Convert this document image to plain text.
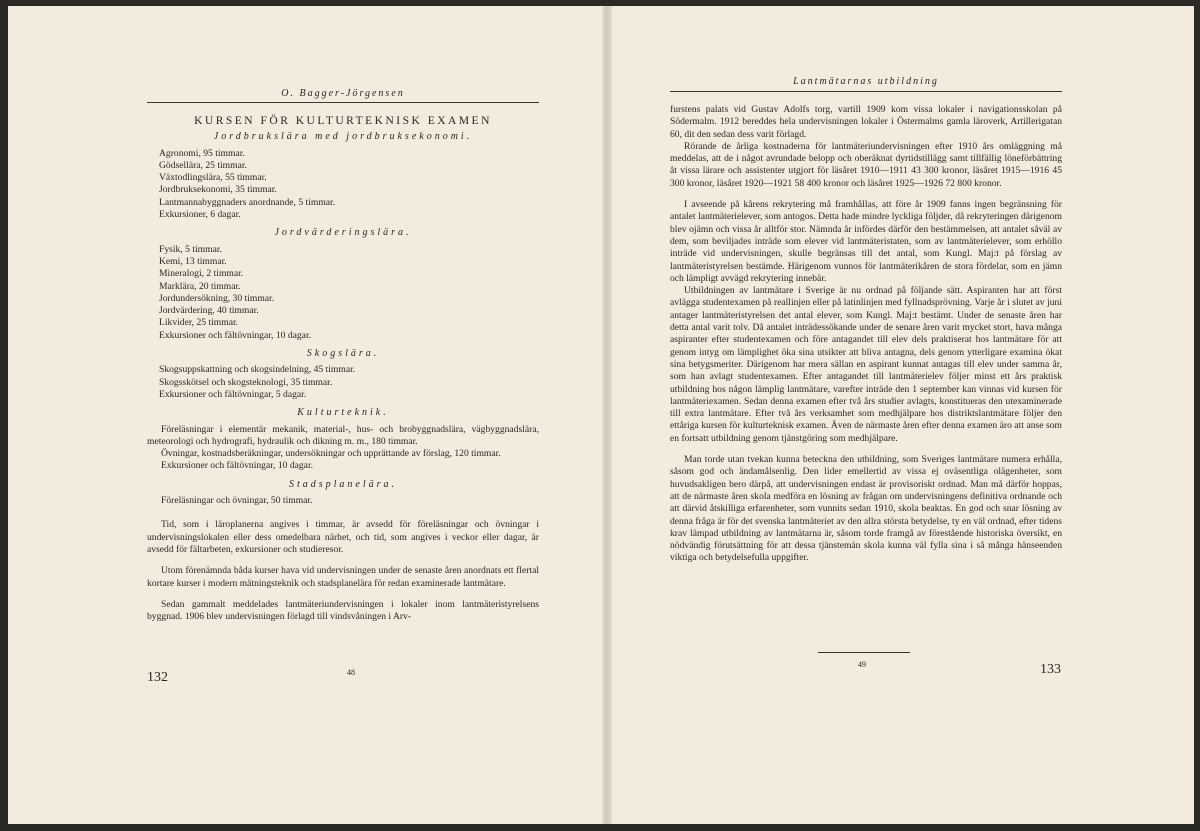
O. Bagger-Jörgensen
KURSEN FÖR KULTURTEKNISK EXAMEN
Jordbrukslära med jordbruksekonomi.
Agronomi, 95 timmar.
Gödsellära, 25 timmar.
Växtodlingslära, 55 timmar.
Jordbruksekonomi, 35 timmar.
Lantmannabyggnaders anordnande, 5 timmar.
Exkursioner, 6 dagar.
Jordvärderingslära.
Fysik, 5 timmar.
Kemi, 13 timmar.
Mineralogi, 2 timmar.
Marklära, 20 timmar.
Jordundersökning, 30 timmar.
Jordvärdering, 40 timmar.
Likvider, 25 timmar.
Exkursioner och fältövningar, 10 dagar.
Skogslära.
Skogsuppskattning och skogsindelning, 45 timmar.
Skogsskötsel och skogsteknologi, 35 timmar.
Exkursioner och fältövningar, 5 dagar.
Kulturteknik.

Föreläsningar i elementär mekanik, material-, hus- och brobyggnadslära, vägbyggnadslära, meteorologi och hydrografi, hydraulik och dikning m. m., 180 timmar.

Övningar, kostnadsberäkningar, undersökningar och upprättande av förslag, 120 timmar.

Exkursioner och fältövningar, 10 dagar.

Stadsplanelära.

Föreläsningar och övningar, 50 timmar.

Tid, som i läroplanerna angives i timmar, är avsedd för föreläsningar och övningar i undervisningslokalen eller dess omedelbara närhet, och tid, som angives i veckor eller dagar, är avsedd för fältarbeten, exkursioner och studieresor.

Utom förenämnda båda kurser hava vid undervisningen under de senaste åren anordnats ett flertal kortare kurser i modern mätningsteknik och stadsplanelära för redan examinerade lantmätare.

Sedan gammalt meddelades lantmäteriundervisningen i lokaler inom lantmäteristyrelsens byggnad. 1906 blev undervisningen förlagd till vindsvåningen i Arv-

132	48
Lantmätarnas utbildning

furstens palats vid Gustav Adolfs torg, vartill 1909 kom vissa lokaler i navigationsskolan på Södermalm. 1912 bereddes hela undervisningen lokaler i Östermalms gamla läroverk, Artillerigatan 60, dit den sedan dess varit förlagd.

Rörande de årliga kostnaderna för lantmäteriundervisningen efter 1910 års omläggning må meddelas, att de i något avrundade belopp och oberäknat dyrtidstillägg samt tillfällig löneförbättring åt vissa lärare och assistenter utgjort för läsåret 1910—1911 43 300 kronor, läsåret 1915—1916 45 300 kronor, läsåret 1920—1921 58 400 kronor och läsåret 1925—1926 72 800 kronor.

I avseende på kårens rekrytering må framhållas, att före år 1909 fanns ingen begränsning för antalet lantmäterielever, som antogos. Detta hade mindre lyckliga följder, då rekryteringen därigenom blev ojämn och vissa år alltför stor. Nämnda år infördes därför den bestämmelsen, att antalet såväl av dem, som beviljades inträde som elever vid lantmäteristaten, som av lantmäterielever, som erhöllo inträde vid undervisningen, skulle begränsas till det antal, som Kungl. Maj:t på förslag av lantmäteristyrelsen bestämde. Härigenom vunnos för lantmäterikåren de stora fördelar, som en jämn och lämpligt avvägd rekrytering innebär.

Utbildningen av lantmätare i Sverige är nu ordnad på följande sätt. Aspiranten har att först avlägga studentexamen på reallinjen eller på latinlinjen med fyllnadsprövning. Varje år i slutet av juni antager lantmäteristyrelsen det antal elever, som Kungl. Maj:t bestämt. Under de senaste åren har detta antal varit tolv. Då antalet inträdessökande under de senare åren varit mycket stort, hava många aspiranter efter studentexamen och före antagandet till elev dels praktiserat hos lantmätare för att genom intyg om lämplighet öka sina utsikter att bliva antagna, dels genom ytterligare examina ökat sina betygsmeriter. Därigenom har mera sällan en aspirant kunnat antagas till elev under samma år, som han avlagt studentexamen. Efter antagandet till lantmäterielev följer minst ett års praktisk utbildning hos någon lämplig lantmätare, varefter inträde den 1 september kan vinnas vid kursen för lantmäteriexamen. Sedan denna examen efter två års studier avlagts, konstitueras den utexaminerade till extra lantmätare. Efter två års verksamhet som medhjälpare hos distriktslantmätare följer den ettåriga kursen för kulturteknisk examen. Även de närmaste åren efter denna examen äro att anse som en fortsatt utbildning genom tjänstgöring som medhjälpare.

Man torde utan tvekan kunna beteckna den utbildning, som Sveriges lantmätare numera erhålla, såsom god och ändamålsenlig. Den lider emellertid av vissa ej oväsentliga olägenheter, som huvudsakligen bero därpå, att undervisningen endast är provisoriskt ordnad. Man må därför hoppas, att de närmaste åren skola medföra en lösning av frågan om undervisningens definitiva ordnande och att därvid åtskilliga erfarenheter, som vunnits sedan 1910, skola beaktas. En god och snar lösning av denna fråga är för det svenska lantmäteriet av den allra största betydelse, ty en väl ordnad, efter tidens krav lämpad utbildning av lantmätarna är, såsom torde framgå av förestående historiska översikt, en nödvändig förutsättning för att dessa tjänstemän skola kunna väl fylla sina i så många hänseenden viktiga och betydelsefulla uppgifter.

49	133
